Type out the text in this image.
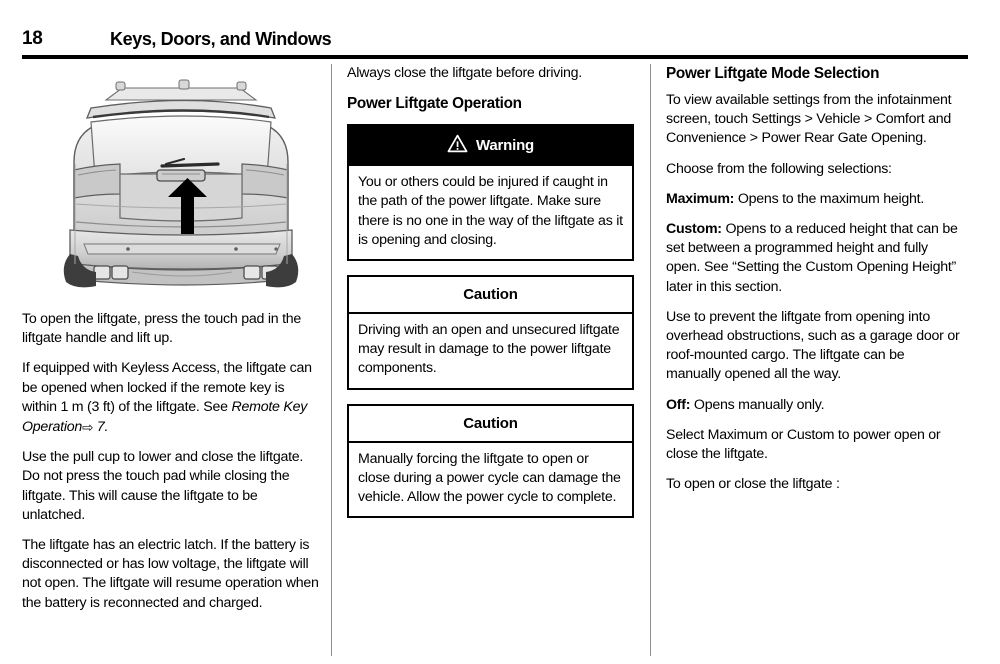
18	Keys, Doors, and Windows

To open the liftgate, press the touch pad in the liftgate handle and lift up.

If equipped with Keyless Access, the liftgate can be opened when locked if the remote key is within 1 m (3 ft) of the liftgate. See Remote Key Operation⇨ 7.

Use the pull cup to lower and close the liftgate. Do not press the touch pad while closing the liftgate. This will cause the liftgate to be unlatched.

The liftgate has an electric latch. If the battery is disconnected or has low voltage, the liftgate will not open. The liftgate will resume operation when the battery is reconnected and charged.

Always close the liftgate before driving.

Power Liftgate Operation
Warning

You or others could be injured if caught in the path of the power liftgate. Make sure there is no one in the way of the liftgate as it is opening and closing.

Caution

Driving with an open and unsecured liftgate may result in damage to the power liftgate components.

Caution

Manually forcing the liftgate to open or close during a power cycle can damage the vehicle. Allow the power cycle to complete.

Power Liftgate Mode Selection

To view available settings from the infotainment screen, touch Settings > Vehicle > Comfort and Convenience > Power Rear Gate Opening.

Choose from the following selections:

Maximum: Opens to the maximum height.

Custom: Opens to a reduced height that can be set between a programmed height and fully open. See “Setting the Custom Opening Height” later in this section.

Use to prevent the liftgate from opening into overhead obstructions, such as a garage door or roof-mounted cargo. The liftgate can be manually opened all the way.

Off: Opens manually only.

Select Maximum or Custom to power open or close the liftgate.

To open or close the liftgate :
